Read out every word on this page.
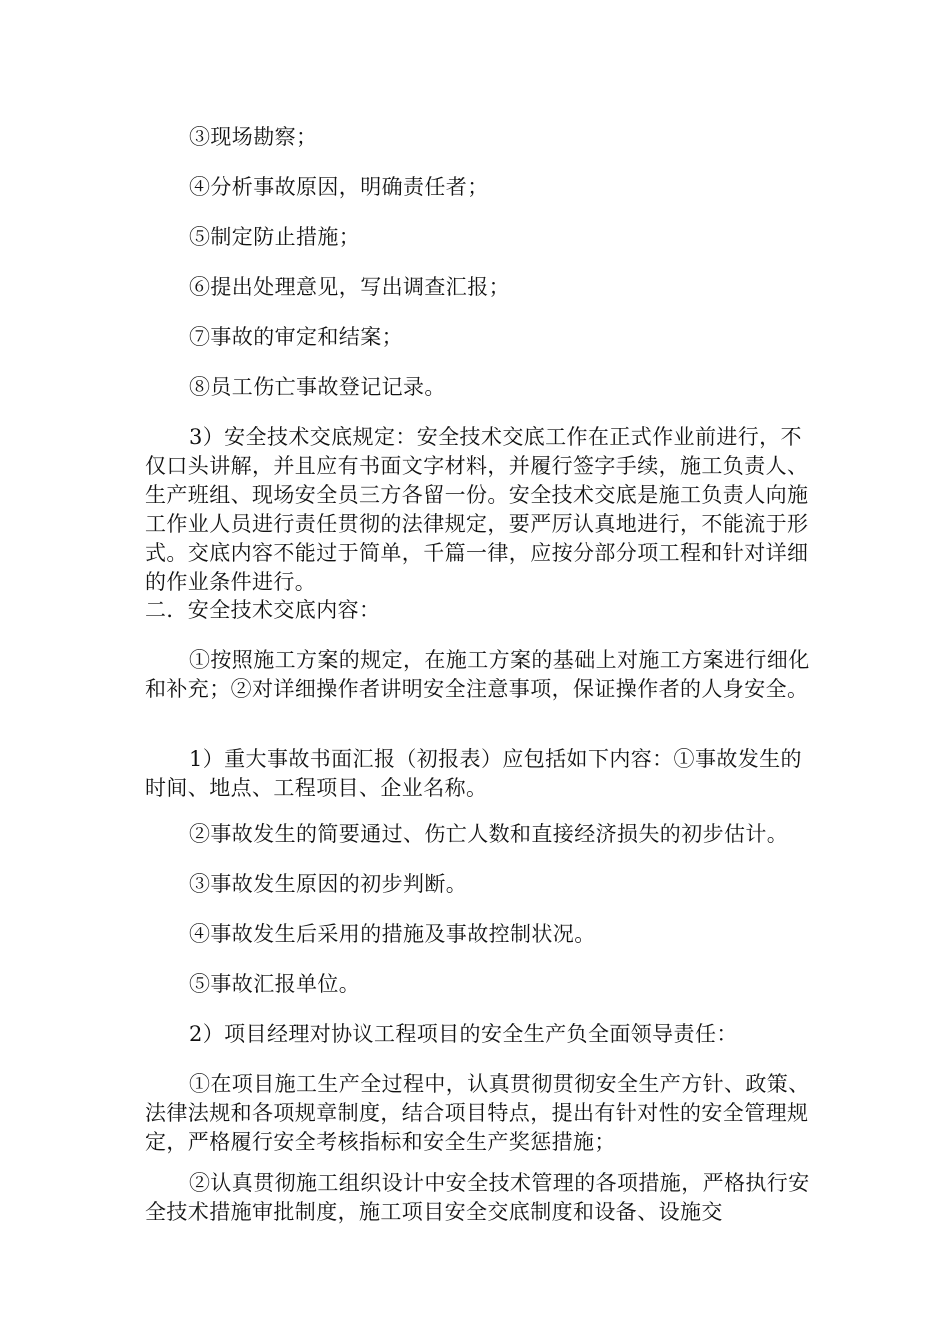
③现场勘察；

④分析事故原因，明确责任者；

⑤制定防止措施；

⑥提出处理意见，写出调查汇报；

⑦事故的审定和结案；

⑧员工伤亡事故登记记录。

3）安全技术交底规定：安全技术交底工作在正式作业前进行，不仅口头讲解，并且应有书面文字材料，并履行签字手续，施工负责人、生产班组、现场安全员三方各留一份。安全技术交底是施工负责人向施工作业人员进行责任贯彻的法律规定，要严厉认真地进行，不能流于形式。交底内容不能过于简单，千篇一律，应按分部分项工程和针对详细的作业条件进行。

二．安全技术交底内容：

①按照施工方案的规定，在施工方案的基础上对施工方案进行细化和补充；②对详细操作者讲明安全注意事项，保证操作者的人身安全。

1）重大事故书面汇报（初报表）应包括如下内容：①事故发生的时间、地点、工程项目、企业名称。

②事故发生的简要通过、伤亡人数和直接经济损失的初步估计。

③事故发生原因的初步判断。

④事故发生后采用的措施及事故控制状况。

⑤事故汇报单位。

2）项目经理对协议工程项目的安全生产负全面领导责任：

①在项目施工生产全过程中，认真贯彻贯彻安全生产方针、政策、法律法规和各项规章制度，结合项目特点，提出有针对性的安全管理规定，严格履行安全考核指标和安全生产奖惩措施；

②认真贯彻施工组织设计中安全技术管理的各项措施，严格执行安全技术措施审批制度，施工项目安全交底制度和设备、设施交
